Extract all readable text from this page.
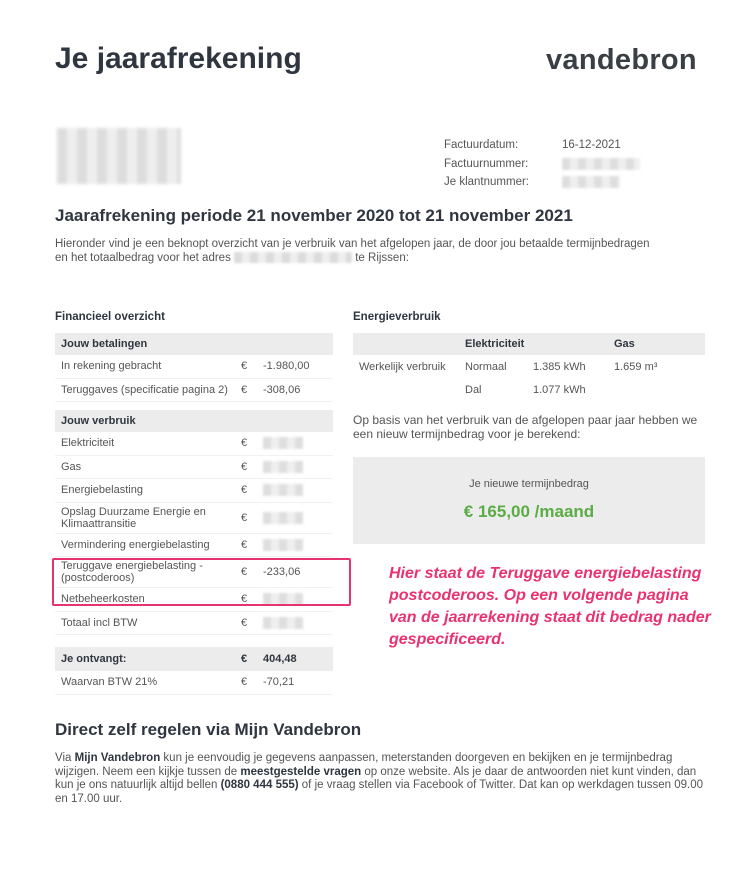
Je jaarafrekening	vandebron
Factuurdatum:	16-12-2021
Factuurnummer:
Je klantnummer:
Jaarafrekening periode 21 november 2020 tot 21 november 2021
Hieronder vind je een beknopt overzicht van je verbruik van het afgelopen jaar, de door jou betaalde termijnbedragen en het totaalbedrag voor het adres	te Rijssen:
Financieel overzicht
Jouw betalingen
In rekening gebracht	€	-1.980,00
Teruggaves (specificatie pagina 2)	€	-308,06
Jouw verbruik
Elektriciteit	€
Gas	€
Energiebelasting	€
Opslag Duurzame Energie en Klimaattransitie	€
Vermindering energiebelasting	€
Teruggave energiebelasting - (postcoderoos)	€	-233,06
Netbeheerkosten	€
Totaal incl BTW	€
Je ontvangt:	€	404,48
Waarvan BTW 21%	€	-70,21
Energieverbruik
Elektriciteit	Gas
Werkelijk verbruik	Normaal	1.385 kWh	1.659 m³
Dal	1.077 kWh
Op basis van het verbruik van de afgelopen paar jaar hebben we een nieuw termijnbedrag voor je berekend:
Je nieuwe termijnbedrag
€ 165,00 /maand
Hier staat de Teruggave energiebelasting postcoderoos. Op een volgende pagina van de jaarrekening staat dit bedrag nader gespecificeerd.
Direct zelf regelen via Mijn Vandebron
Via Mijn Vandebron kun je eenvoudig je gegevens aanpassen, meterstanden doorgeven en bekijken en je termijnbedrag wijzigen. Neem een kijkje tussen de meestgestelde vragen op onze website. Als je daar de antwoorden niet kunt vinden, dan kun je ons natuurlijk altijd bellen (0880 444 555) of je vraag stellen via Facebook of Twitter. Dat kan op werkdagen tussen 09.00 en 17.00 uur.
